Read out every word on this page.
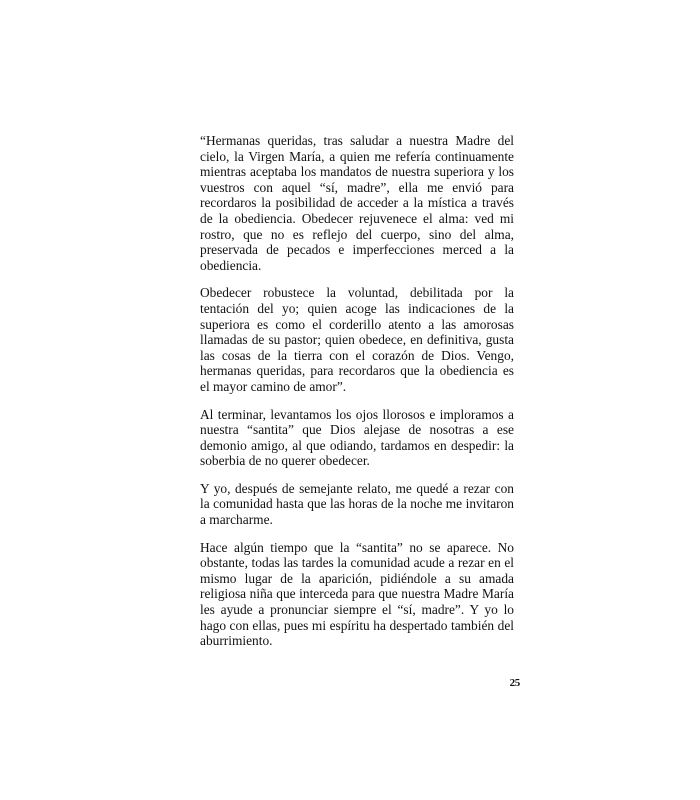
“Hermanas queridas, tras saludar a nuestra Madre del cielo, la Virgen María, a quien me refería continuamente mientras aceptaba los mandatos de nuestra superiora y los vuestros con aquel “sí, madre”, ella me envió para recordaros la posibilidad de acceder a la mística a través de la obediencia. Obedecer rejuvenece el alma: ved mi rostro, que no es reflejo del cuerpo, sino del alma, preservada de pecados e imperfecciones merced a la obediencia.

Obedecer robustece la voluntad, debilitada por la tentación del yo; quien acoge las indicaciones de la superiora es como el corderillo atento a las amorosas llamadas de su pastor; quien obedece, en definitiva, gusta las cosas de la tierra con el corazón de Dios. Vengo, hermanas queridas, para recordaros que la obediencia es el mayor camino de amor”.

Al terminar, levantamos los ojos llorosos e imploramos a nuestra “santita” que Dios alejase de nosotras a ese demonio amigo, al que odiando, tardamos en despedir: la soberbia de no querer obedecer.

Y yo, después de semejante relato, me quedé a rezar con la comunidad hasta que las horas de la noche me invitaron a marcharme.

Hace algún tiempo que la “santita” no se aparece. No obstante, todas las tardes la comunidad acude a rezar en el mismo lugar de la aparición, pidiéndole a su amada religiosa niña que interceda para que nuestra Madre María les ayude a pronunciar siempre el “sí, madre”. Y yo lo hago con ellas, pues mi espíritu ha despertado también del aburrimiento.

25
